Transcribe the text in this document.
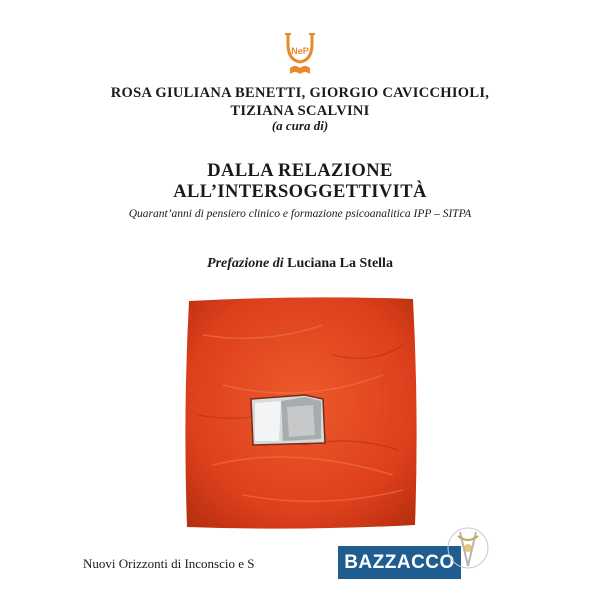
NeP
ROSA GIULIANA BENETTI, GIORGIO CAVICCHIOLI,
TIZIANA SCALVINI
(a cura di)
DALLA RELAZIONE
ALL’INTERSOGGETTIVITÀ
Quarant’anni di pensiero clinico e formazione psicoanalitica IPP – SITPA
Prefazione di Luciana La Stella
Nuovi Orizzonti di Inconscio e S	BAZZACCO
